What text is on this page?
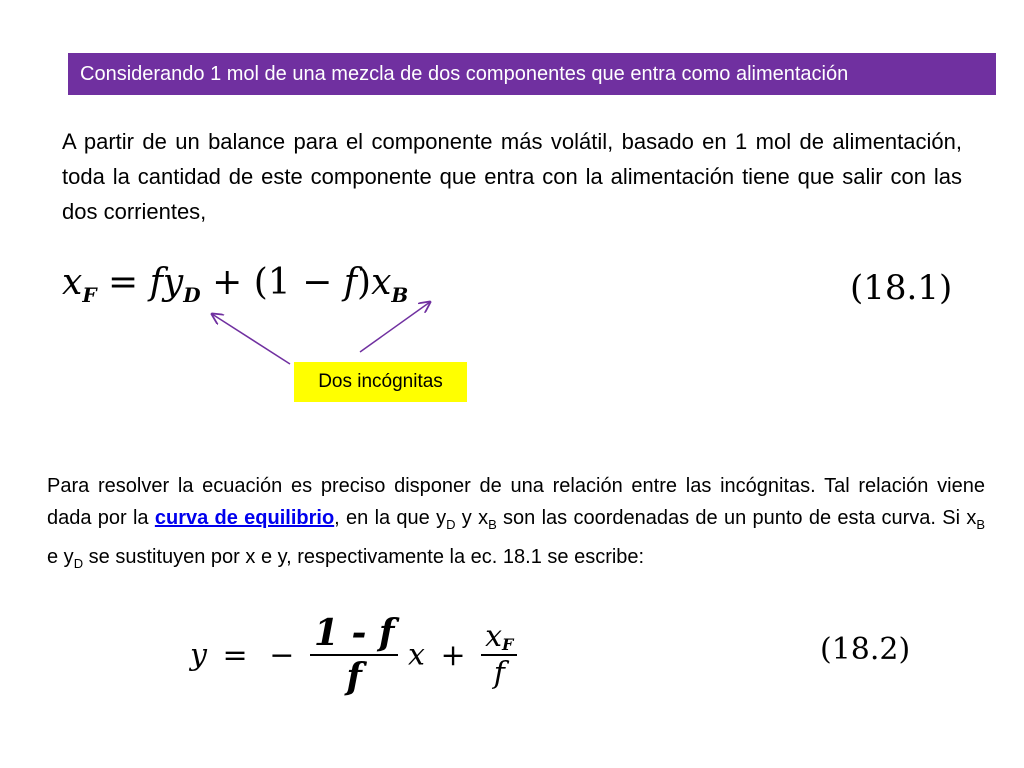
Considerando 1 mol de una mezcla de dos componentes que entra como alimentación
A partir de un balance para el componente más volátil, basado en 1 mol de alimentación, toda la cantidad de este componente que entra con la alimentación tiene que salir con las dos corrientes,
$x_F = fy_D + (1 - f)x_B$	(18.1)
Dos incógnitas
Para resolver la ecuación es preciso disponer de una relación entre las incógnitas. Tal relación viene dada por la curva de equilibrio, en la que $y_D$ y $x_B$ son las coordenadas de un punto de esta curva. Si $x_B$ e $y_D$ se sustituyen por x e y, respectivamente la ec. 18.1 se escribe:
y = − $\frac{1 - f}{f}$ $x + \frac{xF}{f}$	(18.2)
